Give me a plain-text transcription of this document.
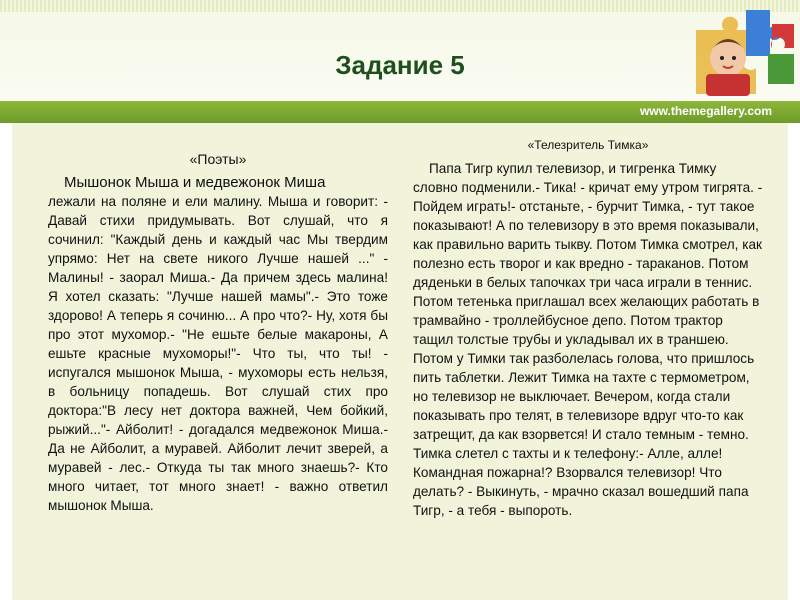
Задание 5
www.themegallery.com
«Поэты»
Мышонок Мыша и медвежонок Миша
лежали на поляне и ели малину. Мыша и говорит: - Давай стихи придумывать. Вот слушай, что я сочинил: "Каждый день и каждый час Мы твердим упрямо: Нет на свете никого Лучше нашей ..." - Малины! - заорал Миша.- Да причем здесь малина! Я хотел сказать: "Лучше нашей мамы".- Это тоже здорово! А теперь я сочиню... А про что?- Ну, хотя бы про этот мухомор.- "Не ешьте белые макароны, А ешьте красные мухоморы!"- Что ты, что ты! - испугался мышонок Мыша, - мухоморы есть нельзя, в больницу попадешь. Вот слушай стих про доктора:"В лесу нет доктора важней, Чем бойкий, рыжий..."- Айболит! - догадался медвежонок Миша.- Да не Айболит, а муравей. Айболит лечит зверей, а муравей - лес.- Откуда ты так много знаешь?- Кто много читает, тот много знает! - важно ответил мышонок Мыша.
«Телезритель Тимка»
Папа Тигр купил телевизор, и тигренка Тимку словно подменили.- Тика! - кричат ему утром тигрята. - Пойдем играть!- отстаньте, - бурчит Тимка, - тут такое показывают! А по телевизору в это время показывали, как правильно варить тыкву. Потом Тимка смотрел, как полезно есть творог и как вредно - тараканов. Потом дяденьки в белых тапочках три часа играли в теннис. Потом тетенька приглашал всех желающих работать в трамвайно - троллейбусное депо. Потом трактор тащил толстые трубы и укладывал их в траншею. Потом у Тимки так разболелась голова, что пришлось пить таблетки. Лежит Тимка на тахте с термометром, но телевизор не выключает. Вечером, когда стали показывать про телят, в телевизоре вдруг что-то как затрещит, да как взорвется! И стало темным - темно. Тимка слетел с тахты и к телефону:- Алле, алле! Командная пожарна!? Взорвался телевизор! Что делать? - Выкинуть, - мрачно сказал вошедший папа Тигр, - а тебя - выпороть.
